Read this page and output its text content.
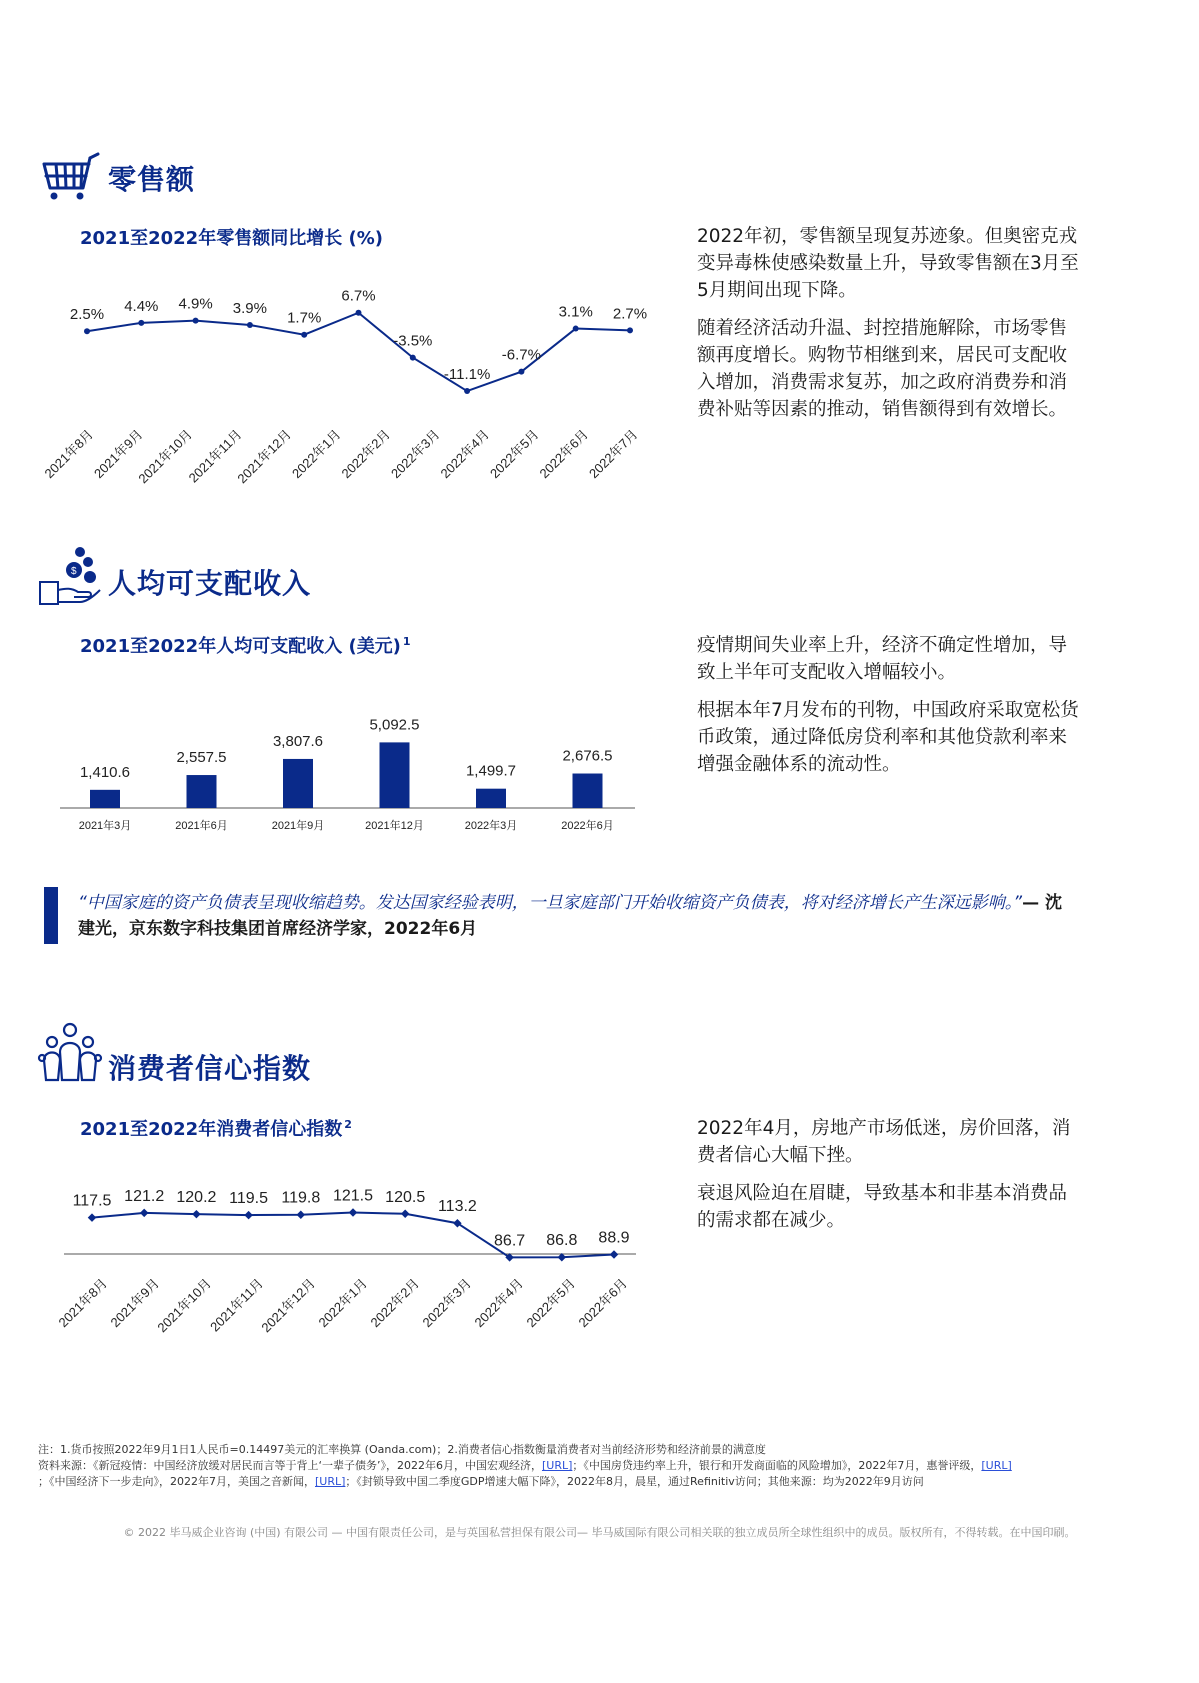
零售额
2021至2022年零售额同比增长 (%)
2.5% 4.4% 4.9% 3.9%
1.7%
6.7%
-3.5%
-11.1%
-6.7%
3.1% 2.7%
2021年8月
2021年9月
2021年10月
2021年11月
2021年12月
2022年1月
2022年2月
2022年3月
2022年4月
2022年5月
2022年6月
2022年7月

2022年初，零售额呈现复苏迹象。但奥密克戎变异毒株使感染数量上升，导致零售额在3月至5月期间出现下降。

随着经济活动升温、封控措施解除，市场零售额再度增长。购物节相继到来，居民可支配收入增加，消费需求复苏，加之政府消费券和消费补贴等因素的推动，销售额得到有效增长。

$ 人均可支配收入
2021至2022年人均可支配收入 (美元) $^1$
1,410.6
2021年3月
2,557.5
2021年6月
3,807.6
2021年9月
5,092.5
2021年12月
1,499.7
2022年3月
2,676.5
2022年6月

疫情期间失业率上升，经济不确定性增加，导致上半年可支配收入增幅较小。

根据本年7月发布的刊物，中国政府采取宽松货币政策，通过降低房贷利率和其他贷款利率来增强金融体系的流动性。

“中国家庭的资产负债表呈现收缩趋势。发达国家经验表明，一旦家庭部门开始收缩资产负债表，将对经济增长产生深远影响。”— 沈建光，京东数字科技集团首席经济学家，2022年6月
消费者信心指数
2021至2022年消费者信心指数 $^2$
117.5 121.2 120.2 119.5 119.8 121.5 120.5
113.2
86.7 86.8 88.9
2021年8月
2021年9月
2021年10月
2021年11月
2021年12月
2022年1月
2022年2月
2022年3月
2022年4月
2022年5月
2022年6月

2022年4月，房地产市场低迷，房价回落，消费者信心大幅下挫。

衰退风险迫在眉睫，导致基本和非基本消费品的需求都在减少。

注：1.货币按照2022年9月1日1人民币=0.14497美元的汇率换算 (Oanda.com)；2.消费者信心指数衡量消费者对当前经济形势和经济前景的满意度
资料来源：《新冠疫情：中国经济放缓对居民而言等于背上‘一辈子债务’》，2022年6月，中国宏观经济，[URL]；《中国房贷违约率上升，银行和开发商面临的风险增加》，2022年7月，惠誉评级，[URL]
；《中国经济下一步走向》，2022年7月，美国之音新闻，[URL]；《封锁导致中国二季度GDP增速大幅下降》，2022年8月，晨星，通过Refinitiv访问；其他来源：均为2022年9月访问
© 2022 毕马威企业咨询 (中国) 有限公司 — 中国有限责任公司，是与英国私营担保有限公司— 毕马威国际有限公司相关联的独立成员所全球性组织中的成员。版权所有，不得转载。在中国印刷。
